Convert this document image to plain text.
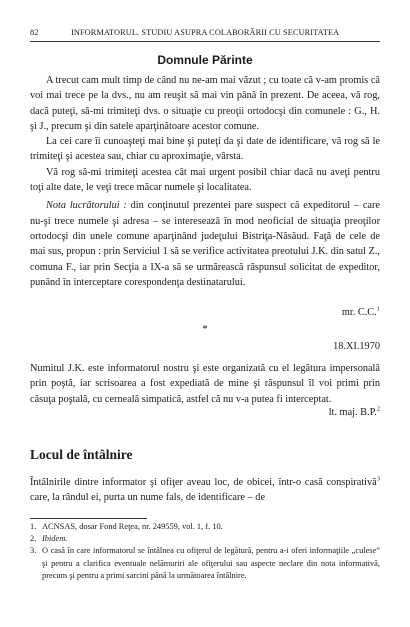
82	INFORMATORUL. STUDIU ASUPRA COLABORĂRII CU SECURITATEA
Domnule Părinte

A trecut cam mult timp de când nu ne-am mai văzut ; cu toate că v-am promis că voi mai trece pe la dvs., nu am reuşit să mai vin până în prezent. De aceea, vă rog, dacă puteţi, să-mi trimiteţi dvs. o situaţie cu preoţii ortodocşi din comunele : G., H. şi J., precum şi din satele aparţinătoare acestor comune.

La cei care îi cunoaşteţi mai bine şi puteţi da şi date de identificare, vă rog să le trimiteţi şi acestea sau, chiar cu aproximaţie, vârsta.

Vă rog să-mi trimiteţi acestea cât mai urgent posibil chiar dacă nu aveţi pentru toţi alte date, le veţi trece măcar numele şi localitatea.

Nota lucrătorului : din conţinutul prezentei pare suspect că expeditorul – care nu-şi trece numele şi adresa – se interesează în mod neoficial de situaţia preoţilor ortodocşi din unele comune aparţinând judeţului Bistriţa-Năsăud. Faţă de cele de mai sus, propun : prin Serviciul 1 să se verifice activitatea preotului J.K. din satul Z., comuna F., iar prin Secţia a IX-a să se urmărească răspunsul solicitat de expeditor, punând în interceptare corespondenţa destinatarului.

mr. C.C.$^1$
*
18.XI.1970

Numitul J.K. este informatorul nostru şi este organizată cu el legătura impersonală prin poştă, iar scrisoarea a fost expediată de mine şi răspunsul îl voi primi prin căsuţa poştală, cu cerneală simpatică, astfel că nu v-a putea fi interceptat.

lt. maj. B.P.$^2$
Locul de întâlnire

Întâlnirile dintre informator şi ofiţer aveau loc, de obicei, într-o casă conspirativă$^3$ care, la rândul ei, purta un nume fals, de identificare – de

1. ACNSAS, dosar Fond Reţea, nr. 249559, vol. 1, f. 10.
2. Ibidem.
3. O casă în care informatorul se întâlnea cu ofiţerul de legătură, pentru a-i oferi informaţiile „culese” şi pentru a clarifica eventuale nelămuriri ale ofiţerului sau aspecte neclare din nota informativă, precum şi pentru a primi sarcini până la următoarea întâlnire.
